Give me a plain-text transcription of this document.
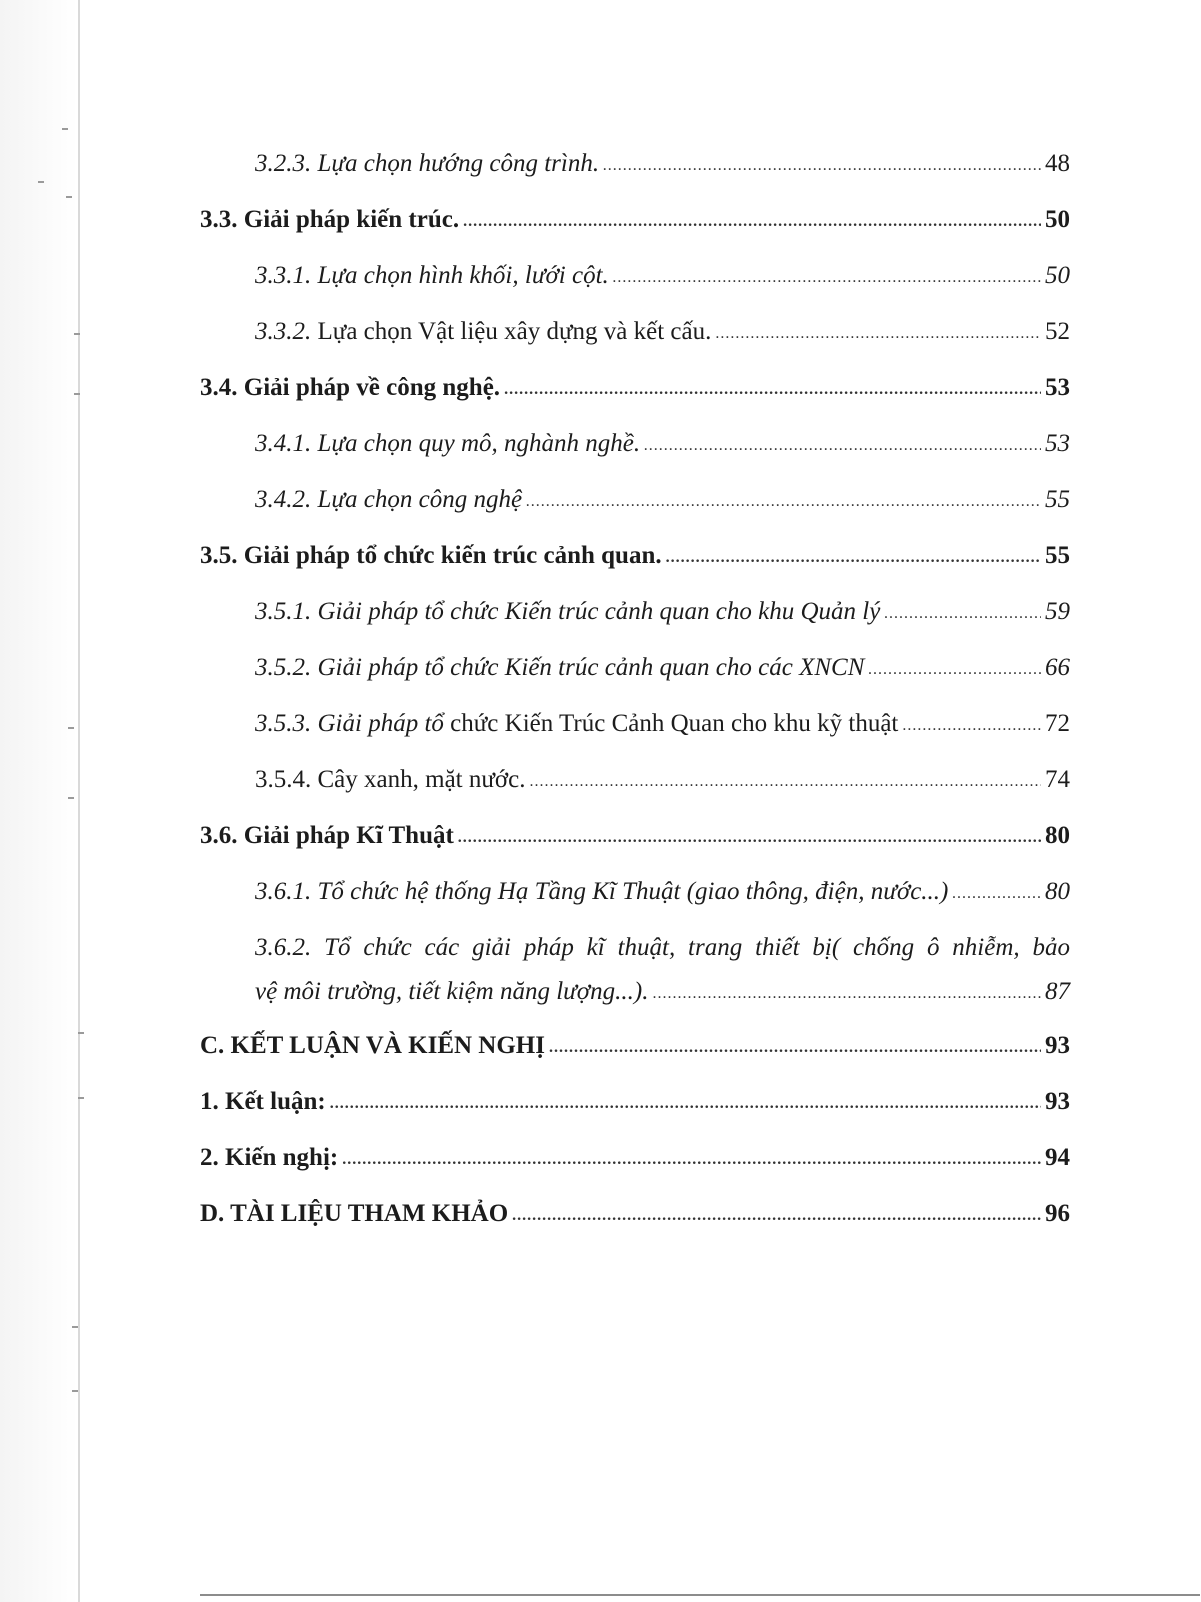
3.2.3. Lựa chọn hướng công trình. .....	48
3.3. Giải pháp kiến trúc. .....	50
3.3.1. Lựa chọn hình khối, lưới cột. .....	50
3.3.2. Lựa chọn Vật liệu xây dựng và kết cấu. .....	52
3.4. Giải pháp về công nghệ. .....	53
3.4.1. Lựa chọn quy mô, nghành nghề. .....	53
3.4.2. Lựa chọn công nghệ .....	55
3.5. Giải pháp tổ chức kiến trúc cảnh quan. .....	55
3.5.1. Giải pháp tổ chức Kiến trúc cảnh quan cho khu Quản lý .....	59
3.5.2. Giải pháp tổ chức Kiến trúc cảnh quan cho các XNCN .....	66
3.5.3. Giải pháp tổ chức Kiến Trúc Cảnh Quan cho khu kỹ thuật .....	72
3.5.4. Cây xanh, mặt nước. .....	74
3.6. Giải pháp Kĩ Thuật .....	80
3.6.1. Tổ chức hệ thống Hạ Tầng Kĩ Thuật (giao thông, điện, nước...) .....	80
3.6.2. Tổ chức các giải pháp kĩ thuật, trang thiết bị( chống ô nhiễm, bảo
vệ môi trường, tiết kiệm năng lượng...). .....	87
C. KẾT LUẬN VÀ KIẾN NGHỊ .....	93
1. Kết luận: .....	93
2. Kiến nghị: .....	94
D. TÀI LIỆU THAM KHẢO .....	96
